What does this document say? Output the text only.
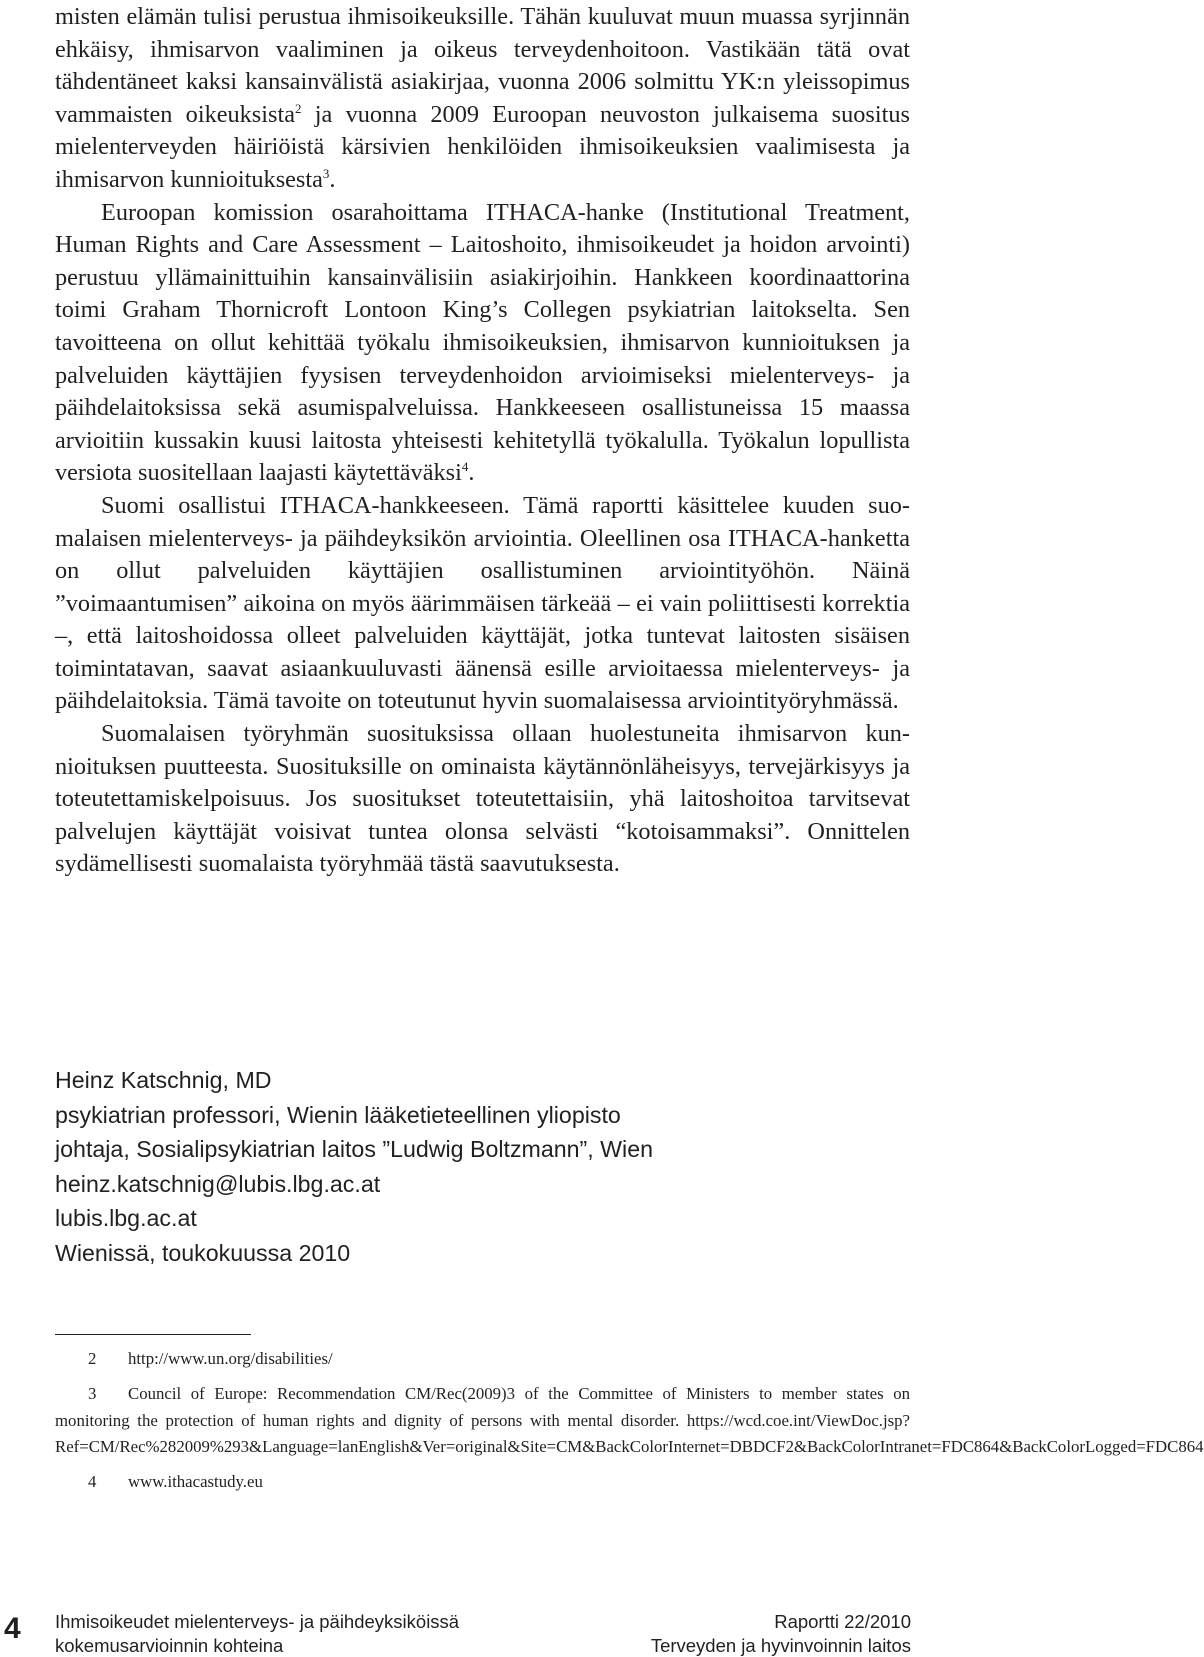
misten elämän tulisi perustua ihmisoikeuksille. Tähän kuuluvat muun muassa syrjinnän ehkäisy, ihmisarvon vaaliminen ja oikeus terveydenhoitoon. Vastikään tätä ovat tähdentäneet kaksi kansainvälistä asiakirjaa, vuonna 2006 solmittu YK:n yleissopimus vammaisten oikeuksista$^2$ ja vuonna 2009 Euroopan neuvoston julkaisema suositus mielenterveyden häiriöistä kärsivien henkilöiden ihmisoikeuksien vaalimisesta ja ihmisarvon kunnioituksesta$^3$.

Euroopan komission osarahoittama ITHACA-hanke (Institutional Treatment, Human Rights and Care Assessment – Laitoshoito, ihmisoikeudet ja hoidon arvointi) perustuu yllämainittuihin kansainvälisiin asiakirjoihin. Hankkeen koordinaattorina toimi Graham Thornicroft Lontoon King’s Collegen psykiatrian laitokselta. Sen tavoitteena on ollut kehittää työkalu ihmisoikeuksien, ihmisarvon kunnioituksen ja palveluiden käyttäjien fyysisen terveydenhoidon arvioimiseksi mielenterveys- ja päihdelaitoksissa sekä asumispalveluissa. Hankkeeseen osallistuneissa 15 maassa arvioitiin kussakin kuusi laitosta yhteisesti kehitetyllä työkalulla. Työkalun lopullista versiota suositellaan laajasti käytettäväksi$^4$.

Suomi osallistui ITHACA-hankkeeseen. Tämä raportti käsittelee kuuden suomalaisen mielenterveys- ja päihdeyksikön arviointia. Oleellinen osa ITHACA-hanketta on ollut palveluiden käyttäjien osallistuminen arviointityöhön. Näinä ”voimaantumisen” aikoina on myös äärimmäisen tärkeää – ei vain poliittisesti korrektia –, että laitoshoidossa olleet palveluiden käyttäjät, jotka tuntevat laitosten sisäisen toimintatavan, saavat asiaankuuluvasti äänensä esille arvioitaessa mielenterveys- ja päihdelaitoksia. Tämä tavoite on toteutunut hyvin suomalaisessa arviointityöryhmässä.

Suomalaisen työryhmän suosituksissa ollaan huolestuneita ihmisarvon kunnioituksen puutteesta. Suosituksille on ominaista käytännönläheisyys, tervejärkisyys ja toteutettamiskelpoisuus. Jos suositukset toteutettaisiin, yhä laitoshoitoa tarvitsevat palvelujen käyttäjät voisivat tuntea olonsa selvästi “kotoisammaksi”. Onnittelen sydämellisesti suomalaista työryhmää tästä saavutuksesta.

Heinz Katschnig, MD
psykiatrian professori, Wienin lääketieteellinen yliopisto
johtaja, Sosialipsykiatrian laitos ”Ludwig Boltzmann”, Wien
heinz.katschnig@lubis.lbg.ac.at
lubis.lbg.ac.at
Wienissä, toukokuussa 2010

2 http://www.un.org/disabilities/

3 Council of Europe: Recommendation CM/Rec(2009)3 of the Committee of Ministers to member states on monitoring the protection of human rights and dignity of persons with mental disorder. https://wcd.coe.int/ViewDoc.jsp?Ref=CM/Rec%282009%293&Language=lanEnglish&Ver=original&Site=CM&BackColorInternet=DBDCF2&BackColorIntranet=FDC864&BackColorLogged=FDC864

4 www.ithacastudy.eu

4 Ihmisoikeudet mielenterveys- ja päihdeyksiköissä
kokemusarvioinnin kohteina
Raportti 22/2010
Terveyden ja hyvinvoinnin laitos
